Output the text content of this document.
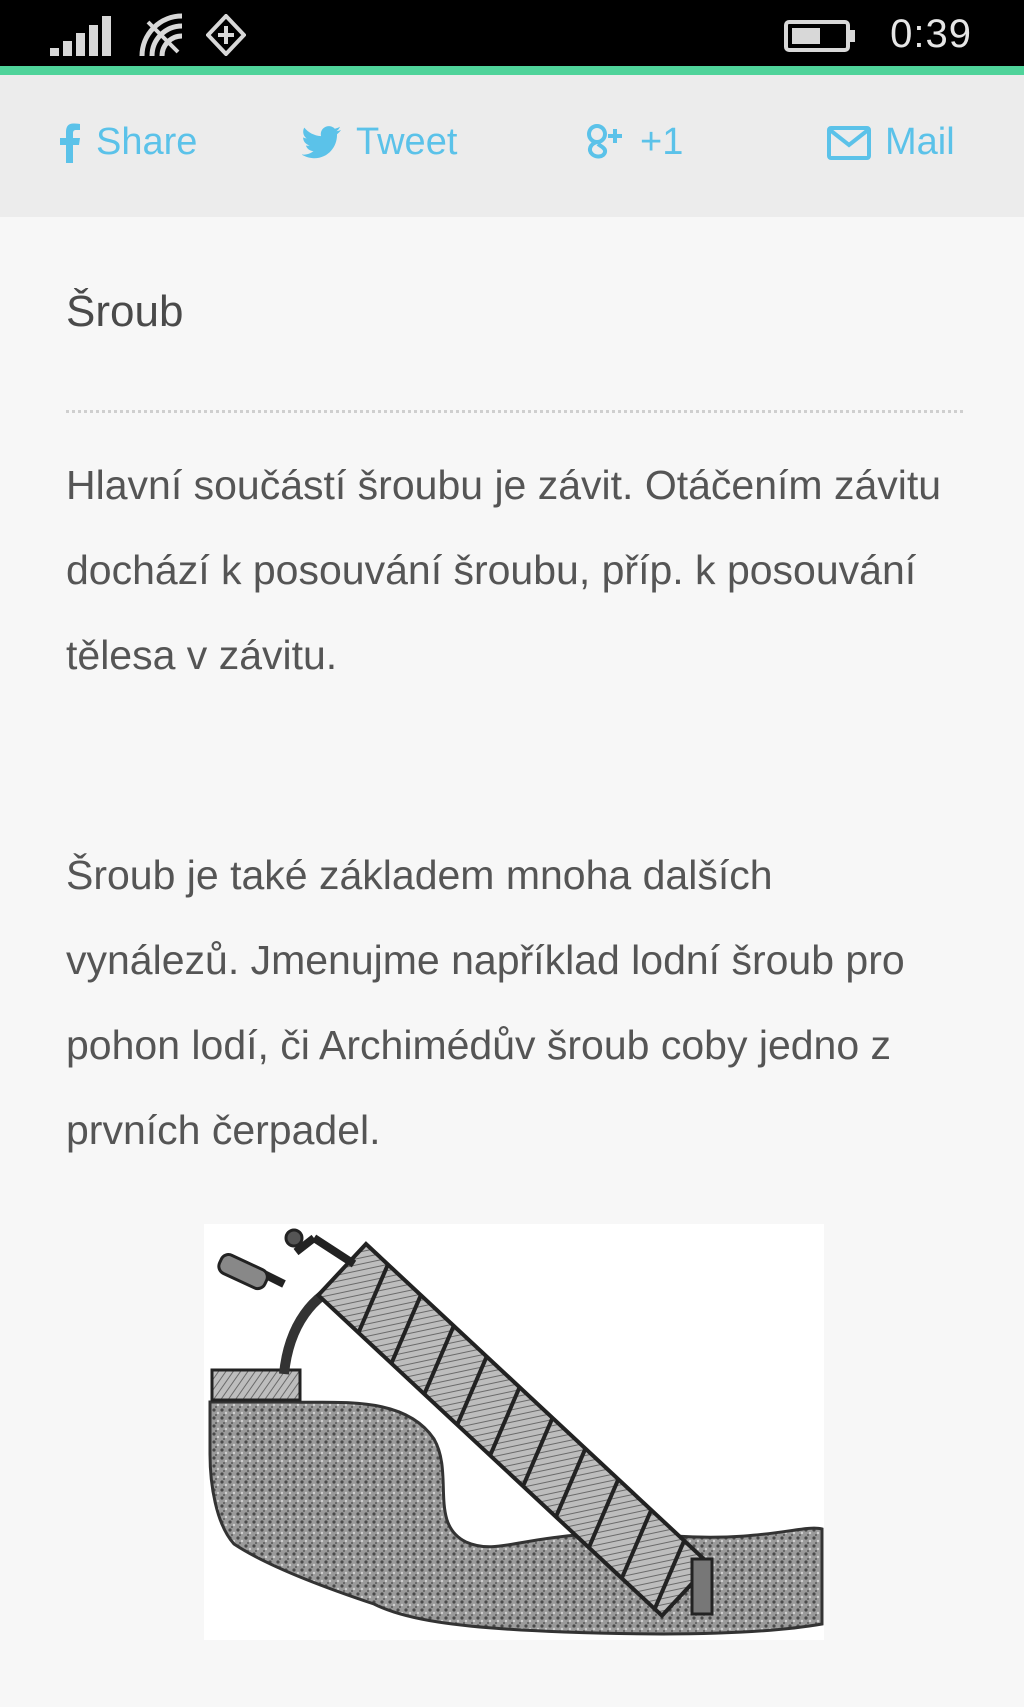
0:39
Share	Tweet	+1	Mail
Šroub

Hlavní součástí šroubu je závit. Otáčením závitu dochází k posouvání šroubu, příp. k posouvání tělesa v závitu.

Šroub je také základem mnoha dalších vynálezů. Jmenujme například lodní šroub pro pohon lodí, či Archimédův šroub coby jedno z prvních čerpadel.
